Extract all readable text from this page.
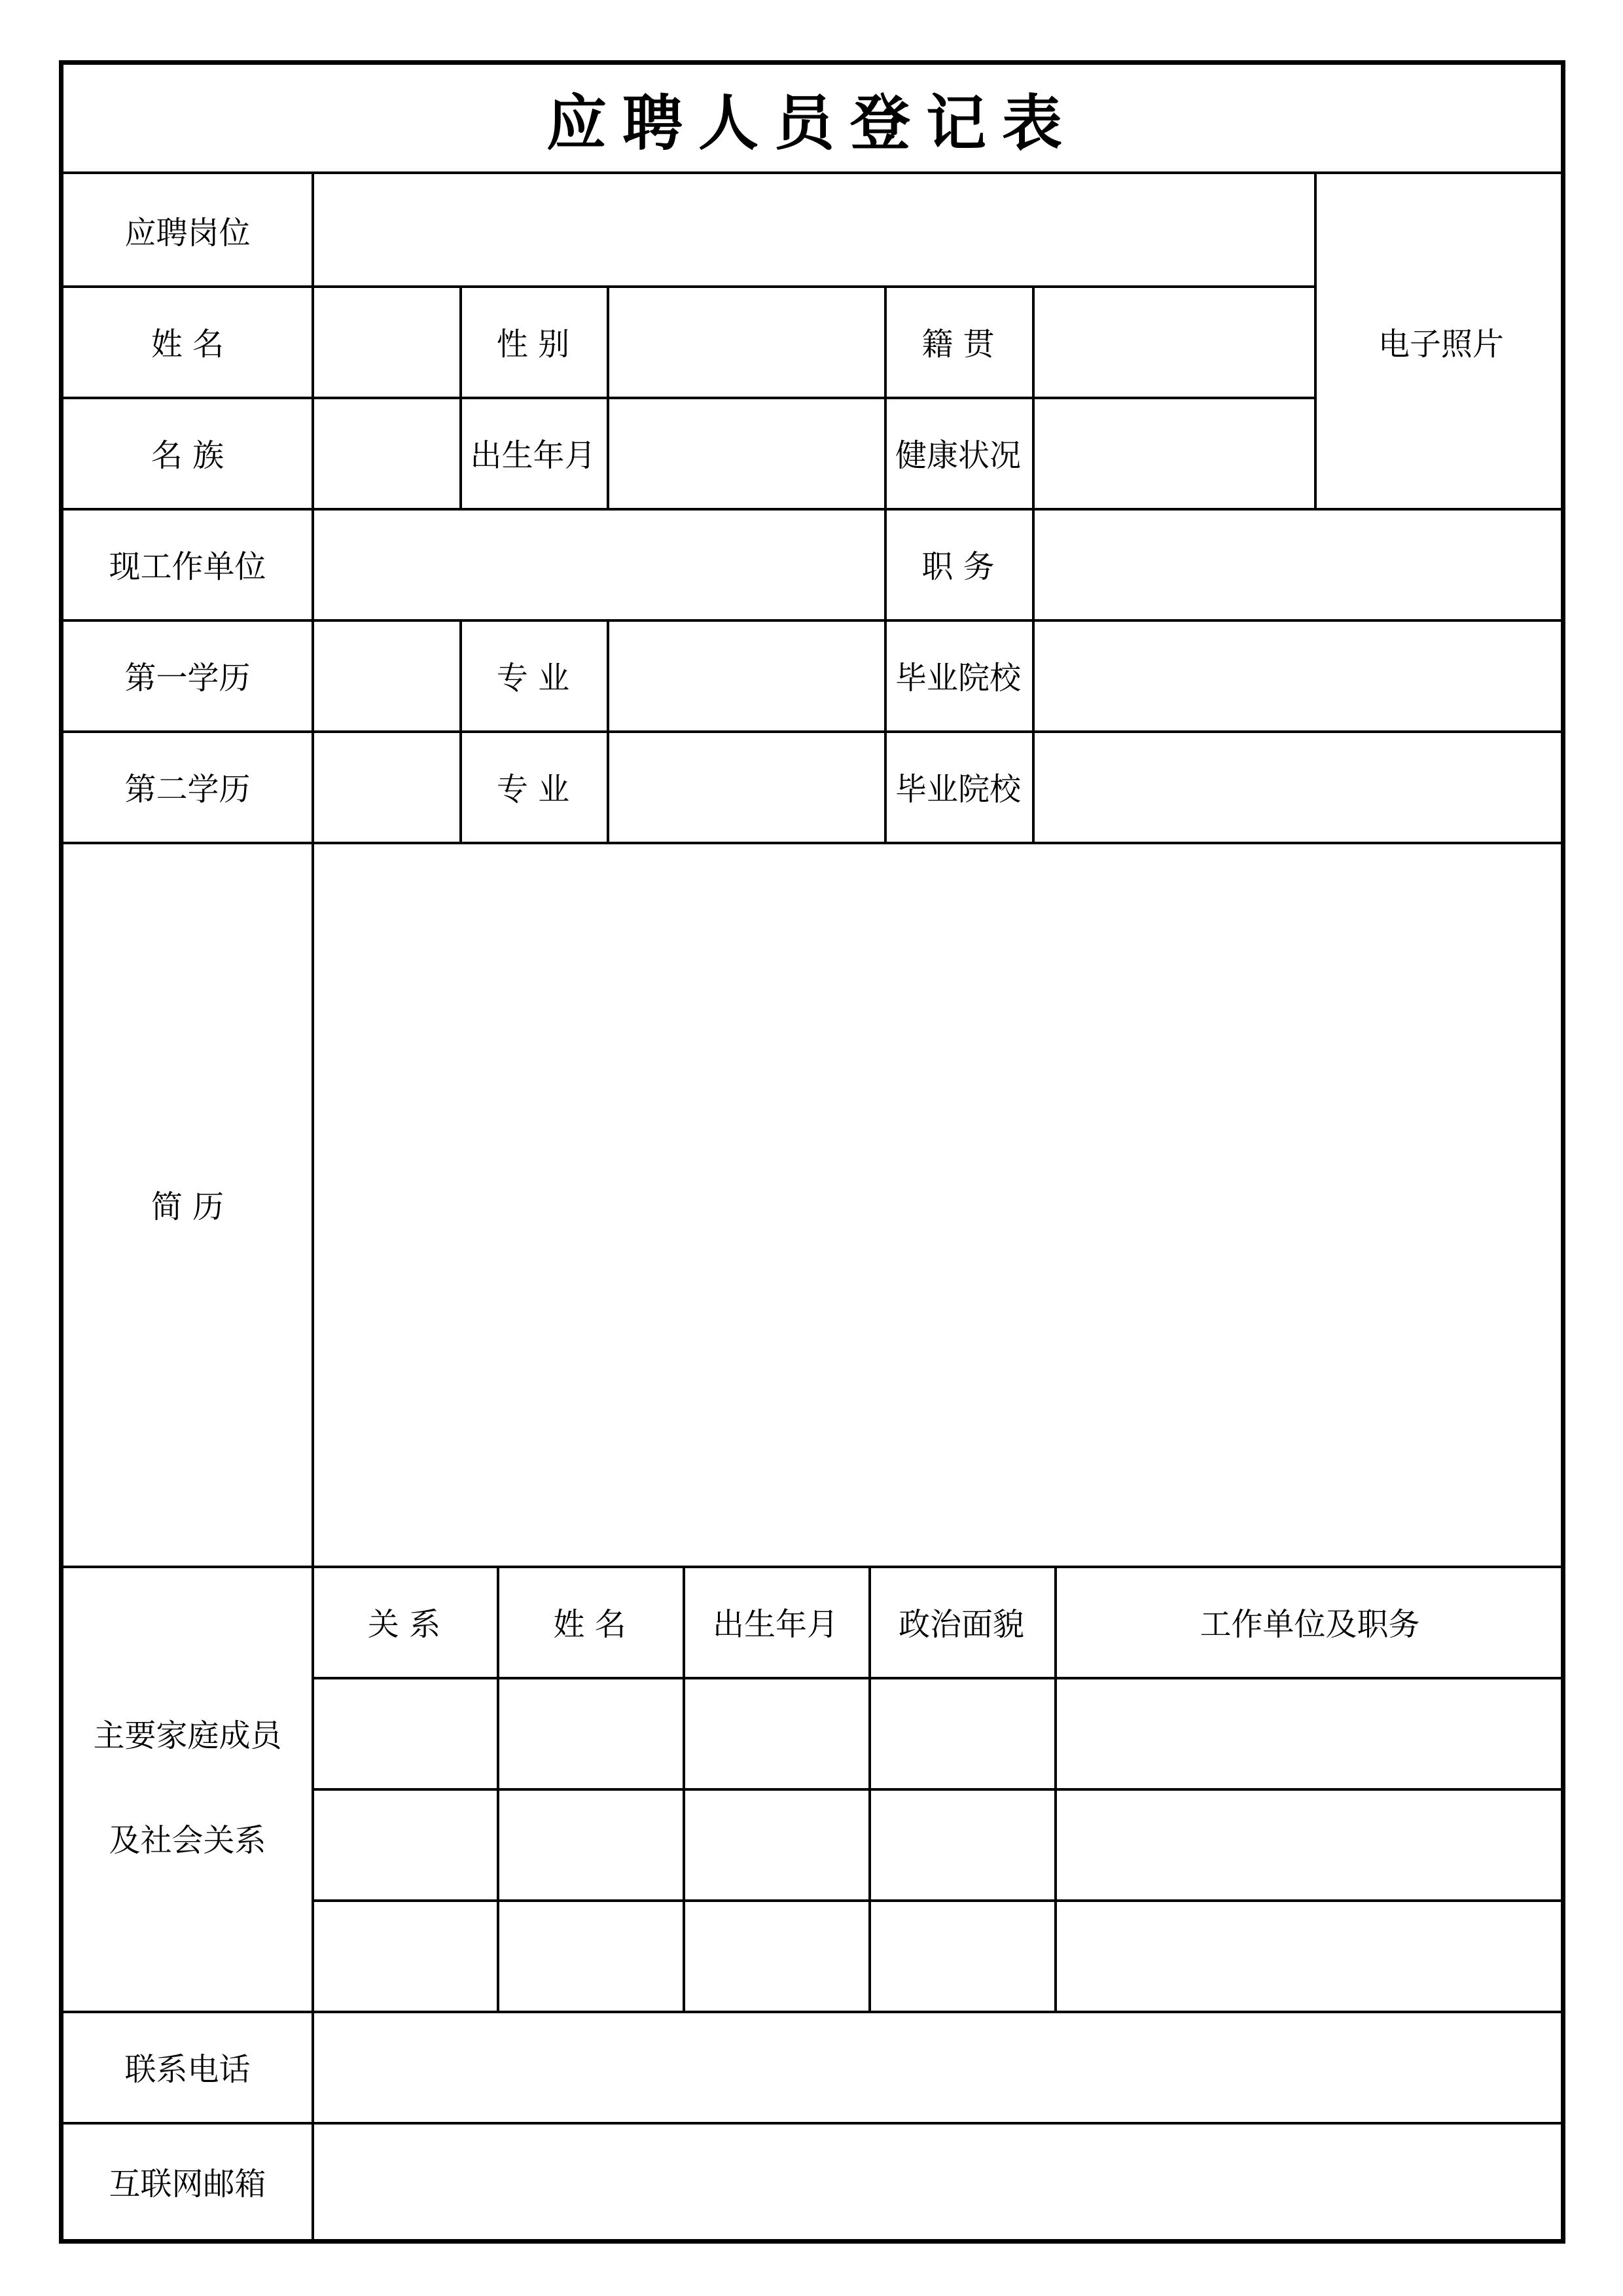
应聘人员登记表
应聘岗位
电子照片
姓 名	性 别	籍 贯
名 族	出生年月	健康状况
现工作单位	职 务
第一学历	专 业	毕业院校
第二学历	专 业	毕业院校
简 历
主要家庭成员
及社会关系
关 系	姓 名	出生年月	政治面貌	工作单位及职务
联系电话
互联网邮箱
